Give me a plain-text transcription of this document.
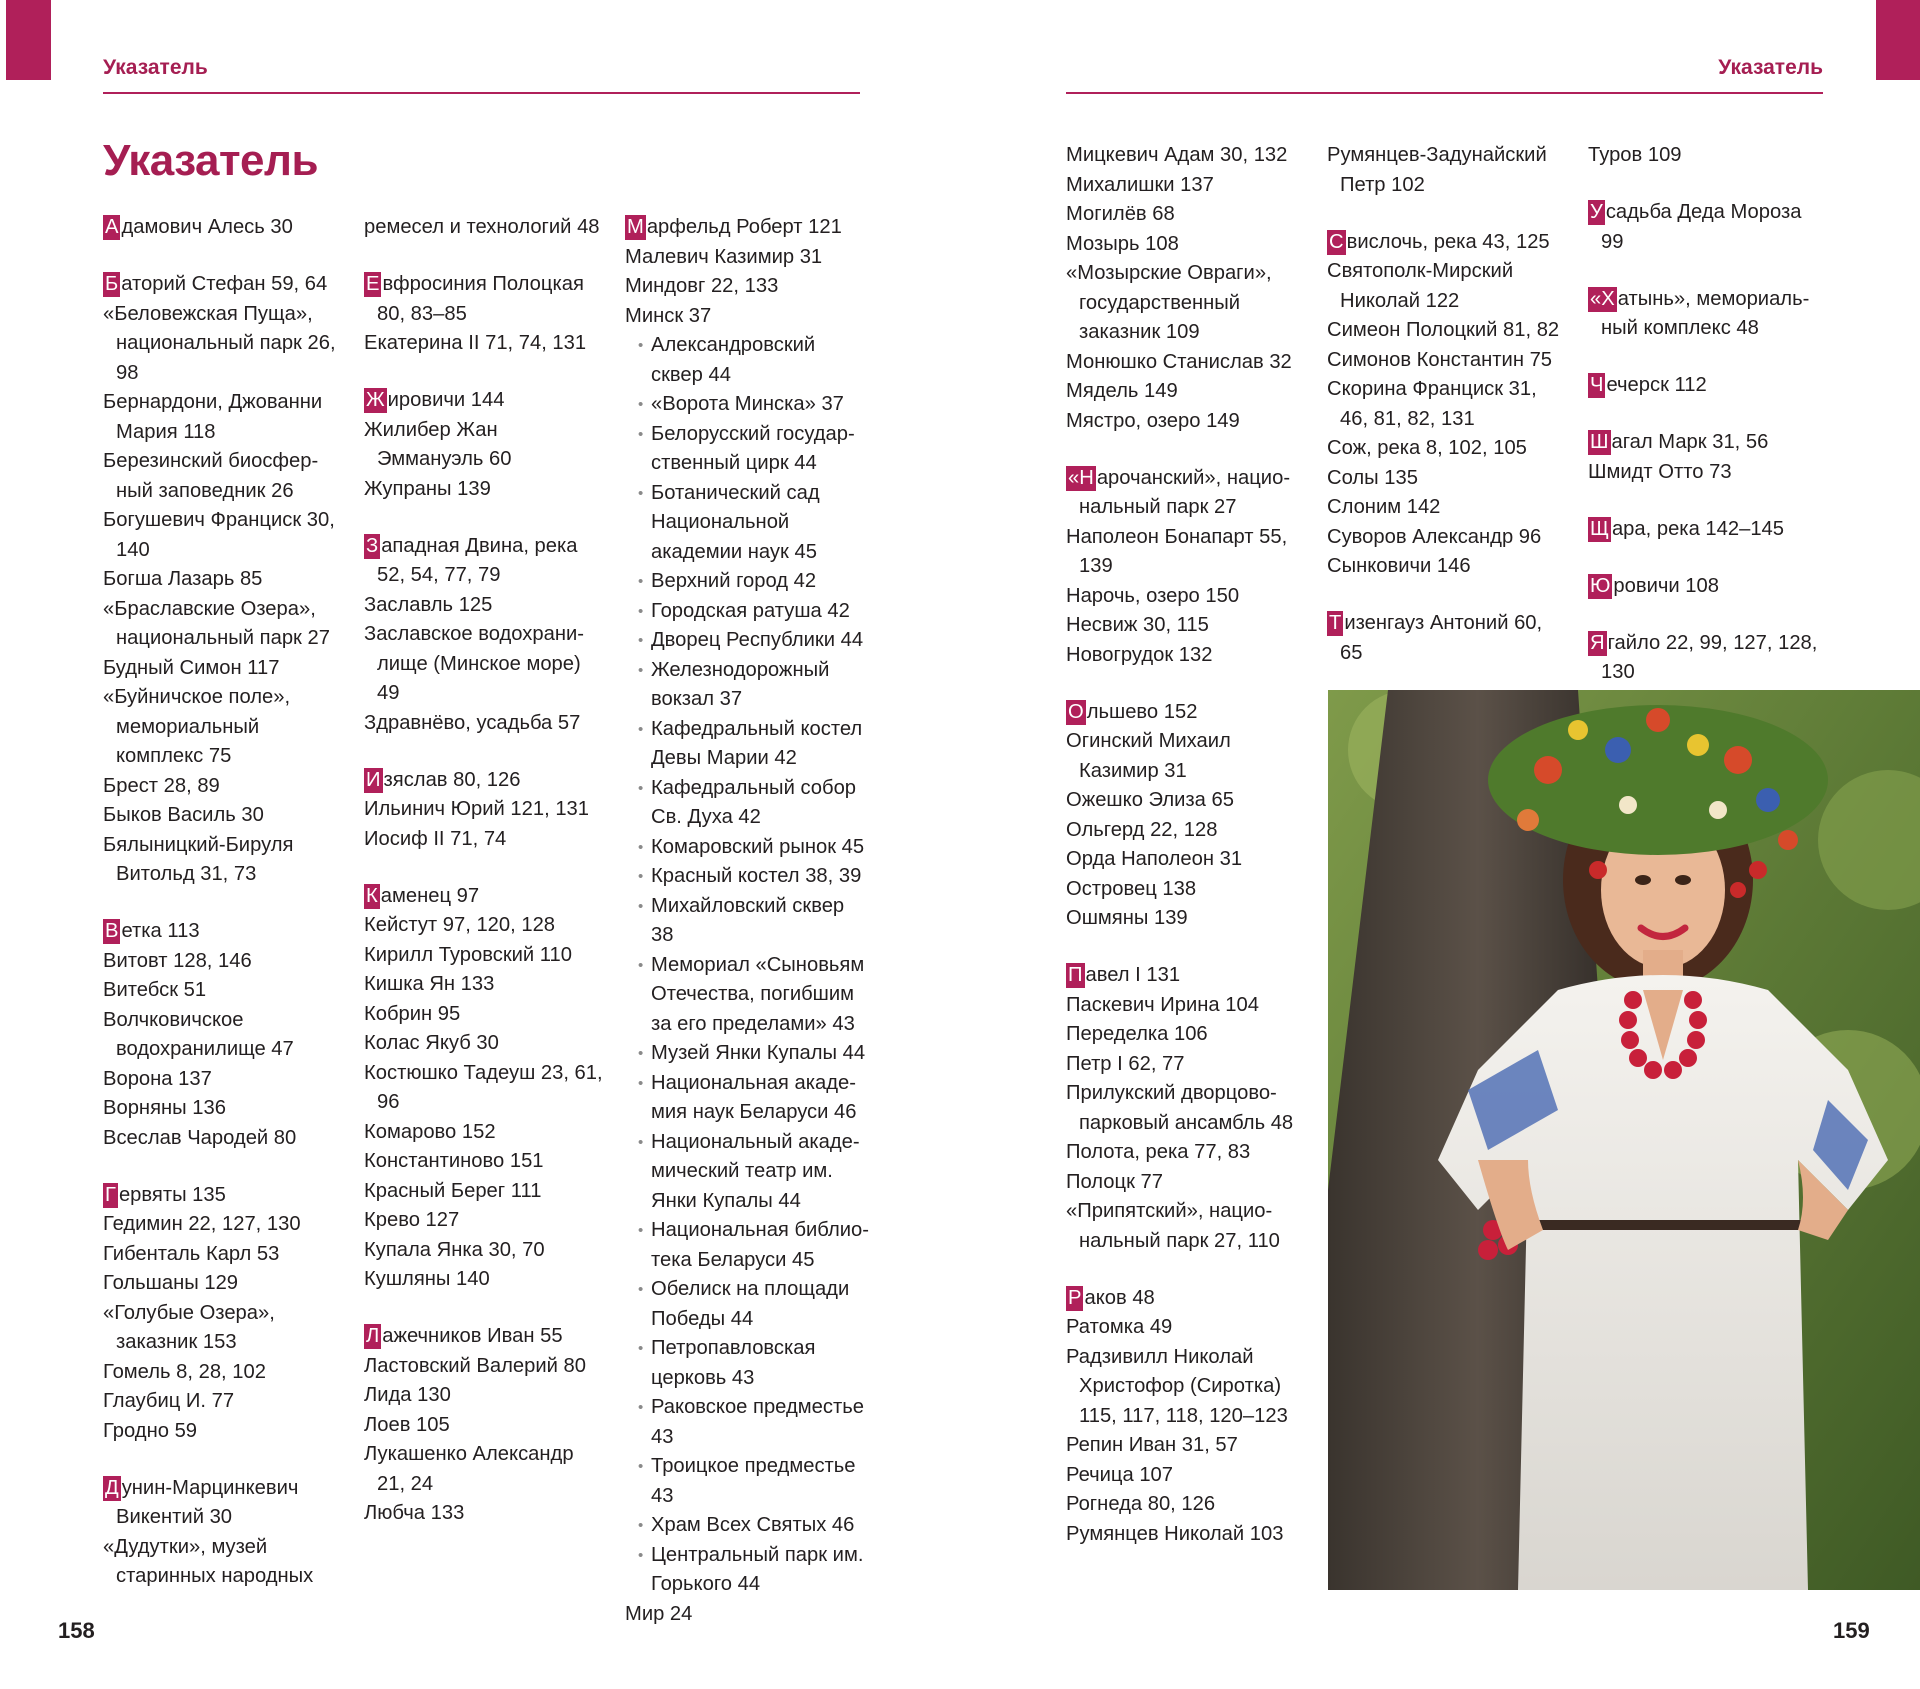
Указатель	Указатель
Указатель

А дамович Алесь 30

Б аторий Стефан 59, 64

«Беловежская Пуща», национальный парк 26, 98

Бернардони, Джованни Мария 118

Березинский биосферный заповедник 26

Богушевич Франциск 30, 140

Богша Лазарь 85

«Браславские Озера», национальный парк 27

Будный Симон 117

«Буйничское поле», мемориальный комплекс 75

Брест 28, 89

Быков Василь 30

Бялыницкий-Бируля Витольд 31, 73

В етка 113

Витовт 128, 146

Витебск 51

Волчковичское водохранилище 47

Ворона 137

Ворняны 136

Всеслав Чародей 80

Г ервяты 135

Гедимин 22, 127, 130

Гибенталь Карл 53

Гольшаны 129

«Голубые Озера», заказник 153

Гомель 8, 28, 102

Глаубиц И. 77

Гродно 59

Д унин-Марцинкевич Викентий 30

«Дудутки», музей старинных народных

ремесел и технологий 48

Е вфросиния Полоцкая 80, 83–85

Екатерина II 71, 74, 131

Ж ировичи 144

Жилибер Жан Эммануэль 60

Жупраны 139

З ападная Двина, река 52, 54, 77, 79

Заславль 125

Заславское водохранилище (Минское море) 49

Здравнёво, усадьба 57

И зяслав 80, 126

Ильинич Юрий 121, 131

Иосиф II 71, 74

К аменец 97

Кейстут 97, 120, 128

Кирилл Туровский 110

Кишка Ян 133

Кобрин 95

Колас Якуб 30

Костюшко Тадеуш 23, 61, 96

Комарово 152

Константиново 151

Красный Берег 111

Крево 127

Купала Янка 30, 70

Кушляны 140

Л ажечников Иван 55

Ластовский Валерий 80

Лида 130

Лоев 105

Лукашенко Александр 21, 24

Любча 133

М арфельд Роберт 121

Малевич Казимир 31

Миндовг 22, 133

Минск 37

• Александровский сквер 44

• «Ворота Минска» 37

• Белорусский государственный цирк 44

• Ботанический сад Национальной академии наук 45

• Верхний город 42

• Городская ратуша 42

• Дворец Республики 44

• Железнодорожный вокзал 37

• Кафедральный костел Девы Марии 42

• Кафедральный собор Св. Духа 42

• Комаровский рынок 45

• Красный костел 38, 39

• Михайловский сквер 38

• Мемориал «Сыновьям Отечества, погибшим за его пределами» 43

• Музей Янки Купалы 44

• Национальная академия наук Беларуси 46

• Национальный академический театр им. Янки Купалы 44

• Национальная библиотека Беларуси 45

• Обелиск на площади Победы 44

• Петропавловская церковь 43

• Раковское предместье 43

• Троицкое предместье 43

• Храм Всех Святых 46

• Центральный парк им. Горького 44

Мир 24

Мицкевич Адам 30, 132

Михалишки 137

Могилёв 68

Мозырь 108

«Мозырские Овраги», государственный заказник 109

Монюшко Станислав 32

Мядель 149

Мястро, озеро 149

«Н арочанский», национальный парк 27

Наполеон Бонапарт 55, 139

Нарочь, озеро 150

Несвиж 30, 115

Новогрудок 132

О льшево 152

Огинский Михаил Казимир 31

Ожешко Элиза 65

Ольгерд 22, 128

Орда Наполеон 31

Островец 138

Ошмяны 139

П авел I 131

Паскевич Ирина 104

Переделка 106

Петр I 62, 77

Прилукский дворцово-парковый ансамбль 48

Полота, река 77, 83

Полоцк 77

«Припятский», национальный парк 27, 110

Р аков 48

Ратомка 49

Радзивилл Николай Христофор (Сиротка) 115, 117, 118, 120–123

Репин Иван 31, 57

Речица 107

Рогнеда 80, 126

Румянцев Николай 103

Румянцев-Задунайский Петр 102

С вислочь, река 43, 125

Святополк-Мирский Николай 122

Симеон Полоцкий 81, 82

Симонов Константин 75

Скорина Франциск 31, 46, 81, 82, 131

Сож, река 8, 102, 105

Солы 135

Слоним 142

Суворов Александр 96

Сынковичи 146

Т изенгауз Антоний 60, 65

Туров 109

У садьба Деда Мороза 99

«Х атынь», мемориальный комплекс 48

Ч ечерск 112

Ш агал Марк 31, 56

Шмидт Отто 73

Щ ара, река 142–145

Ю ровичи 108

Я гайло 22, 99, 127, 128, 130

158	159
